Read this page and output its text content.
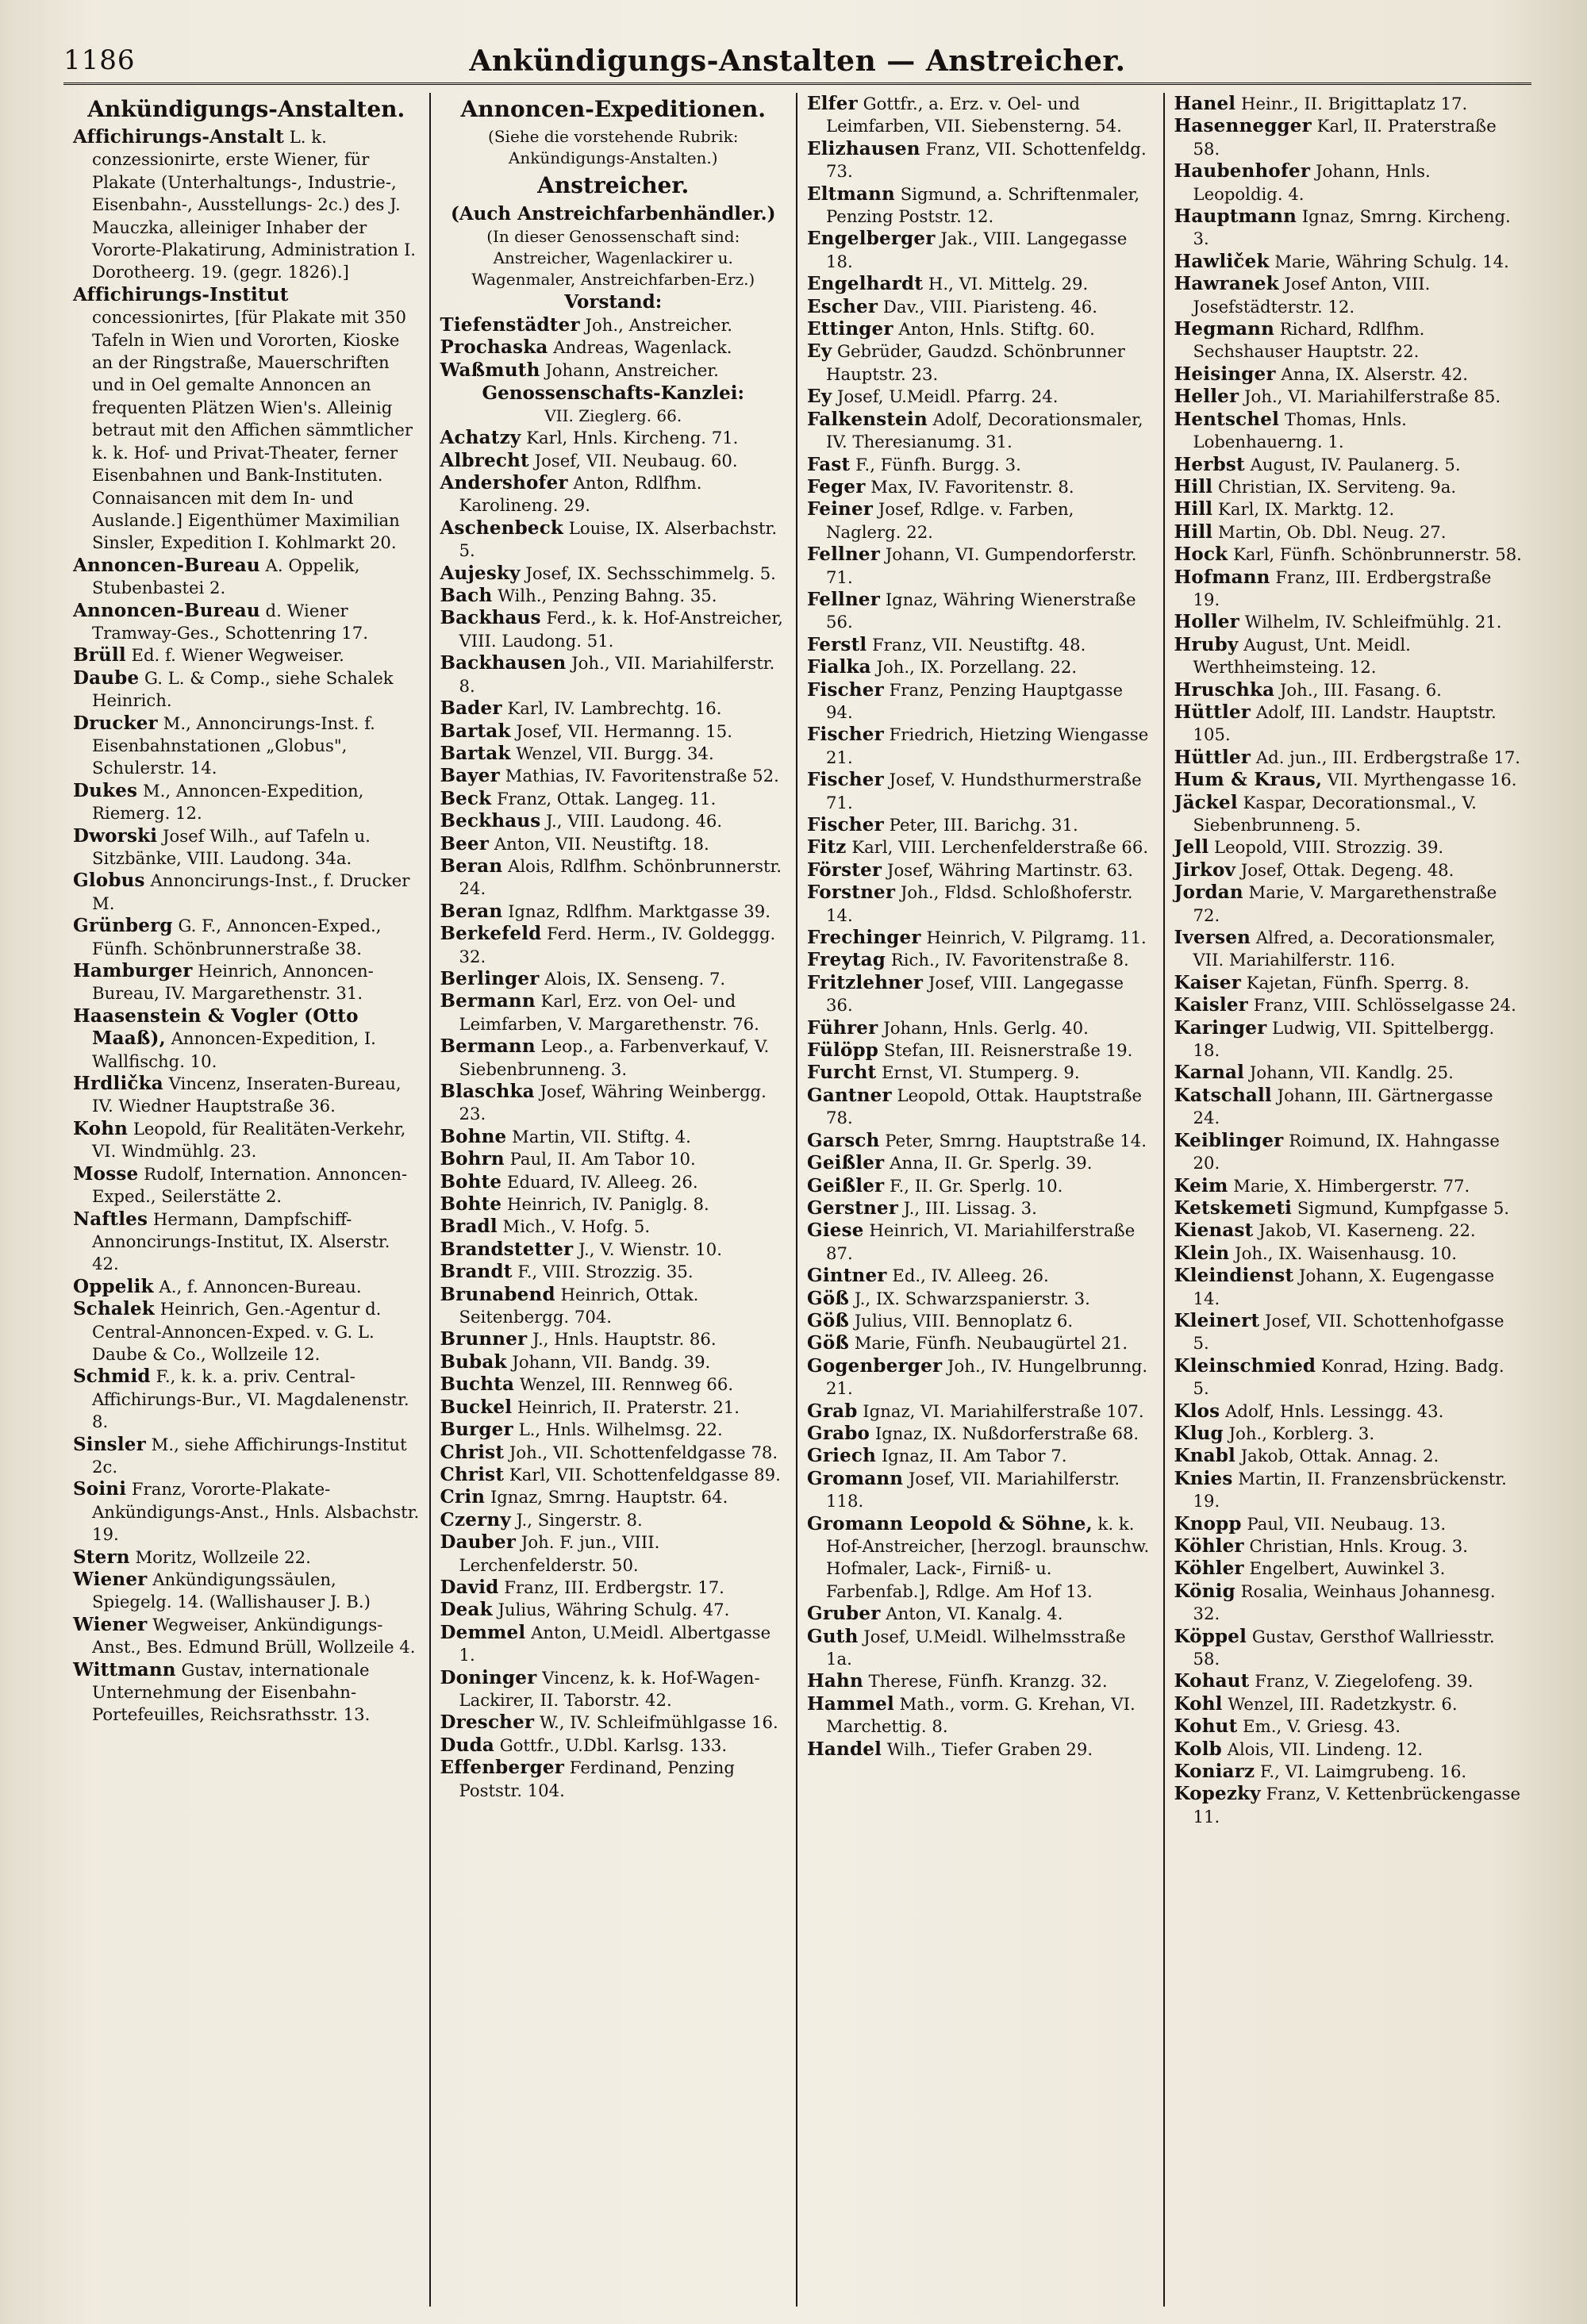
1186	Ankündigungs-Anstalten — Anstreicher.
Ankündigungs-Anstalten.

Affichirungs-Anstalt L. k. conzessionirte, erste Wiener, für Plakate (Unterhaltungs-, Industrie-, Eisenbahn-, Ausstellungs- 2c.) des J. Mauczka, alleiniger Inhaber der Vororte-Plakatirung, Administration I. Dorotheerg. 19. (gegr. 1826).]

Affichirungs-Institut concessionirtes, [für Plakate mit 350 Tafeln in Wien und Vororten, Kioske an der Ringstraße, Mauerschriften und in Oel gemalte Annoncen an frequenten Plätzen Wien's. Alleinig betraut mit den Affichen sämmtlicher k. k. Hof- und Privat-Theater, ferner Eisenbahnen und Bank-Instituten. Connaisancen mit dem In- und Auslande.] Eigenthümer Maximilian Sinsler, Expedition I. Kohlmarkt 20.

Annoncen-Bureau A. Oppelik, Stubenbastei 2.

Annoncen-Bureau d. Wiener Tramway-Ges., Schottenring 17.

Brüll Ed. f. Wiener Wegweiser.

Daube G. L. & Comp., siehe Schalek Heinrich.

Drucker M., Annoncirungs-Inst. f. Eisenbahnstationen „Globus", Schulerstr. 14.

Dukes M., Annoncen-Expedition, Riemerg. 12.

Dworski Josef Wilh., auf Tafeln u. Sitzbänke, VIII. Laudong. 34a.

Globus Annoncirungs-Inst., f. Drucker M.

Grünberg G. F., Annoncen-Exped., Fünfh. Schönbrunnerstraße 38.

Hamburger Heinrich, Annoncen-Bureau, IV. Margarethenstr. 31.

Haasenstein & Vogler (Otto Maaß), Annoncen-Expedition, I. Wallfischg. 10.

Hrdlička Vincenz, Inseraten-Bureau, IV. Wiedner Hauptstraße 36.

Kohn Leopold, für Realitäten-Verkehr, VI. Windmühlg. 23.

Mosse Rudolf, Internation. Annoncen-Exped., Seilerstätte 2.

Naftles Hermann, Dampfschiff-Annoncirungs-Institut, IX. Alserstr. 42.

Oppelik A., f. Annoncen-Bureau.

Schalek Heinrich, Gen.-Agentur d. Central-Annoncen-Exped. v. G. L. Daube & Co., Wollzeile 12.

Schmid F., k. k. a. priv. Central-Affichirungs-Bur., VI. Magdalenenstr. 8.

Sinsler M., siehe Affichirungs-Institut 2c.

Soini Franz, Vororte-Plakate-Ankündigungs-Anst., Hnls. Alsbachstr. 19.

Stern Moritz, Wollzeile 22.

Wiener Ankündigungssäulen, Spiegelg. 14. (Wallishauser J. B.)

Wiener Wegweiser, Ankündigungs-Anst., Bes. Edmund Brüll, Wollzeile 4.

Wittmann Gustav, internationale Unternehmung der Eisenbahn-Portefeuilles, Reichsrathsstr. 13.

Annoncen-Expeditionen.
(Siehe die vorstehende Rubrik: Ankündigungs-Anstalten.)
Anstreicher.
(Auch Anstreichfarbenhändler.)
(In dieser Genossenschaft sind: Anstreicher, Wagenlackirer u. Wagenmaler, Anstreichfarben-Erz.)
Vorstand:

Tiefenstädter Joh., Anstreicher.

Prochaska Andreas, Wagenlack.

Waßmuth Johann, Anstreicher.

Genossenschafts-Kanzlei:
VII. Zieglerg. 66.

Achatzy Karl, Hnls. Kircheng. 71.

Albrecht Josef, VII. Neubaug. 60.

Andershofer Anton, Rdlfhm. Karolineng. 29.

Aschenbeck Louise, IX. Alserbachstr. 5.

Aujesky Josef, IX. Sechsschimmelg. 5.

Bach Wilh., Penzing Bahng. 35.

Backhaus Ferd., k. k. Hof-Anstreicher, VIII. Laudong. 51.

Backhausen Joh., VII. Mariahilferstr. 8.

Bader Karl, IV. Lambrechtg. 16.

Bartak Josef, VII. Hermanng. 15.

Bartak Wenzel, VII. Burgg. 34.

Bayer Mathias, IV. Favoritenstraße 52.

Beck Franz, Ottak. Langeg. 11.

Beckhaus J., VIII. Laudong. 46.

Beer Anton, VII. Neustiftg. 18.

Beran Alois, Rdlfhm. Schönbrunnerstr. 24.

Beran Ignaz, Rdlfhm. Marktgasse 39.

Berkefeld Ferd. Herm., IV. Goldeggg. 32.

Berlinger Alois, IX. Senseng. 7.

Bermann Karl, Erz. von Oel- und Leimfarben, V. Margarethenstr. 76.

Bermann Leop., a. Farbenverkauf, V. Siebenbrunneng. 3.

Blaschka Josef, Währing Weinbergg. 23.

Bohne Martin, VII. Stiftg. 4.

Bohrn Paul, II. Am Tabor 10.

Bohte Eduard, IV. Alleeg. 26.

Bohte Heinrich, IV. Paniglg. 8.

Bradl Mich., V. Hofg. 5.

Brandstetter J., V. Wienstr. 10.

Brandt F., VIII. Strozzig. 35.

Brunabend Heinrich, Ottak. Seitenbergg. 704.

Brunner J., Hnls. Hauptstr. 86.

Bubak Johann, VII. Bandg. 39.

Buchta Wenzel, III. Rennweg 66.

Buckel Heinrich, II. Praterstr. 21.

Burger L., Hnls. Wilhelmsg. 22.

Christ Joh., VII. Schottenfeldgasse 78.

Christ Karl, VII. Schottenfeldgasse 89.

Crin Ignaz, Smrng. Hauptstr. 64.

Czerny J., Singerstr. 8.

Dauber Joh. F. jun., VIII. Lerchenfelderstr. 50.

David Franz, III. Erdbergstr. 17.

Deak Julius, Währing Schulg. 47.

Demmel Anton, U.Meidl. Albertgasse 1.

Doninger Vincenz, k. k. Hof-Wagen-Lackirer, II. Taborstr. 42.

Drescher W., IV. Schleifmühlgasse 16.

Duda Gottfr., U.Dbl. Karlsg. 133.

Effenberger Ferdinand, Penzing Poststr. 104.

Elfer Gottfr., a. Erz. v. Oel- und Leimfarben, VII. Siebensterng. 54.

Elizhausen Franz, VII. Schottenfeldg. 73.

Eltmann Sigmund, a. Schriftenmaler, Penzing Poststr. 12.

Engelberger Jak., VIII. Langegasse 18.

Engelhardt H., VI. Mittelg. 29.

Escher Dav., VIII. Piaristeng. 46.

Ettinger Anton, Hnls. Stiftg. 60.

Ey Gebrüder, Gaudzd. Schönbrunner Hauptstr. 23.

Ey Josef, U.Meidl. Pfarrg. 24.

Falkenstein Adolf, Decorationsmaler, IV. Theresianumg. 31.

Fast F., Fünfh. Burgg. 3.

Feger Max, IV. Favoritenstr. 8.

Feiner Josef, Rdlge. v. Farben, Naglerg. 22.

Fellner Johann, VI. Gumpendorferstr. 71.

Fellner Ignaz, Währing Wienerstraße 56.

Ferstl Franz, VII. Neustiftg. 48.

Fialka Joh., IX. Porzellang. 22.

Fischer Franz, Penzing Hauptgasse 94.

Fischer Friedrich, Hietzing Wiengasse 21.

Fischer Josef, V. Hundsthurmerstraße 71.

Fischer Peter, III. Barichg. 31.

Fitz Karl, VIII. Lerchenfelderstraße 66.

Förster Josef, Währing Martinstr. 63.

Forstner Joh., Fldsd. Schloßhoferstr. 14.

Frechinger Heinrich, V. Pilgramg. 11.

Freytag Rich., IV. Favoritenstraße 8.

Fritzlehner Josef, VIII. Langegasse 36.

Führer Johann, Hnls. Gerlg. 40.

Fülöpp Stefan, III. Reisnerstraße 19.

Furcht Ernst, VI. Stumperg. 9.

Gantner Leopold, Ottak. Hauptstraße 78.

Garsch Peter, Smrng. Hauptstraße 14.

Geißler Anna, II. Gr. Sperlg. 39.

Geißler F., II. Gr. Sperlg. 10.

Gerstner J., III. Lissag. 3.

Giese Heinrich, VI. Mariahilferstraße 87.

Gintner Ed., IV. Alleeg. 26.

Göß J., IX. Schwarzspanierstr. 3.

Göß Julius, VIII. Bennoplatz 6.

Göß Marie, Fünfh. Neubaugürtel 21.

Gogenberger Joh., IV. Hungelbrunng. 21.

Grab Ignaz, VI. Mariahilferstraße 107.

Grabo Ignaz, IX. Nußdorferstraße 68.

Griech Ignaz, II. Am Tabor 7.

Gromann Josef, VII. Mariahilferstr. 118.

Gromann Leopold & Söhne, k. k. Hof-Anstreicher, [herzogl. braunschw. Hofmaler, Lack-, Firniß- u. Farbenfab.], Rdlge. Am Hof 13.

Gruber Anton, VI. Kanalg. 4.

Guth Josef, U.Meidl. Wilhelmsstraße 1a.

Hahn Therese, Fünfh. Kranzg. 32.

Hammel Math., vorm. G. Krehan, VI. Marchettig. 8.

Handel Wilh., Tiefer Graben 29.

Hanel Heinr., II. Brigittaplatz 17.

Hasennegger Karl, II. Praterstraße 58.

Haubenhofer Johann, Hnls. Leopoldig. 4.

Hauptmann Ignaz, Smrng. Kircheng. 3.

Hawliček Marie, Währing Schulg. 14.

Hawranek Josef Anton, VIII. Josefstädterstr. 12.

Hegmann Richard, Rdlfhm. Sechshauser Hauptstr. 22.

Heisinger Anna, IX. Alserstr. 42.

Heller Joh., VI. Mariahilferstraße 85.

Hentschel Thomas, Hnls. Lobenhauerng. 1.

Herbst August, IV. Paulanerg. 5.

Hill Christian, IX. Serviteng. 9a.

Hill Karl, IX. Marktg. 12.

Hill Martin, Ob. Dbl. Neug. 27.

Hock Karl, Fünfh. Schönbrunnerstr. 58.

Hofmann Franz, III. Erdbergstraße 19.

Holler Wilhelm, IV. Schleifmühlg. 21.

Hruby August, Unt. Meidl. Werthheimsteing. 12.

Hruschka Joh., III. Fasang. 6.

Hüttler Adolf, III. Landstr. Hauptstr. 105.

Hüttler Ad. jun., III. Erdbergstraße 17.

Hum & Kraus, VII. Myrthengasse 16.

Jäckel Kaspar, Decorationsmal., V. Siebenbrunneng. 5.

Jell Leopold, VIII. Strozzig. 39.

Jirkov Josef, Ottak. Degeng. 48.

Jordan Marie, V. Margarethenstraße 72.

Iversen Alfred, a. Decorationsmaler, VII. Mariahilferstr. 116.

Kaiser Kajetan, Fünfh. Sperrg. 8.

Kaisler Franz, VIII. Schlösselgasse 24.

Karinger Ludwig, VII. Spittelbergg. 18.

Karnal Johann, VII. Kandlg. 25.

Katschall Johann, III. Gärtnergasse 24.

Keiblinger Roimund, IX. Hahngasse 20.

Keim Marie, X. Himbergerstr. 77.

Ketskemeti Sigmund, Kumpfgasse 5.

Kienast Jakob, VI. Kaserneng. 22.

Klein Joh., IX. Waisenhausg. 10.

Kleindienst Johann, X. Eugengasse 14.

Kleinert Josef, VII. Schottenhofgasse 5.

Kleinschmied Konrad, Hzing. Badg. 5.

Klos Adolf, Hnls. Lessingg. 43.

Klug Joh., Korblerg. 3.

Knabl Jakob, Ottak. Annag. 2.

Knies Martin, II. Franzensbrückenstr. 19.

Knopp Paul, VII. Neubaug. 13.

Köhler Christian, Hnls. Kroug. 3.

Köhler Engelbert, Auwinkel 3.

König Rosalia, Weinhaus Johannesg. 32.

Köppel Gustav, Gersthof Wallriesstr. 58.

Kohaut Franz, V. Ziegelofeng. 39.

Kohl Wenzel, III. Radetzkystr. 6.

Kohut Em., V. Griesg. 43.

Kolb Alois, VII. Lindeng. 12.

Koniarz F., VI. Laimgrubeng. 16.

Kopezky Franz, V. Kettenbrückengasse 11.
